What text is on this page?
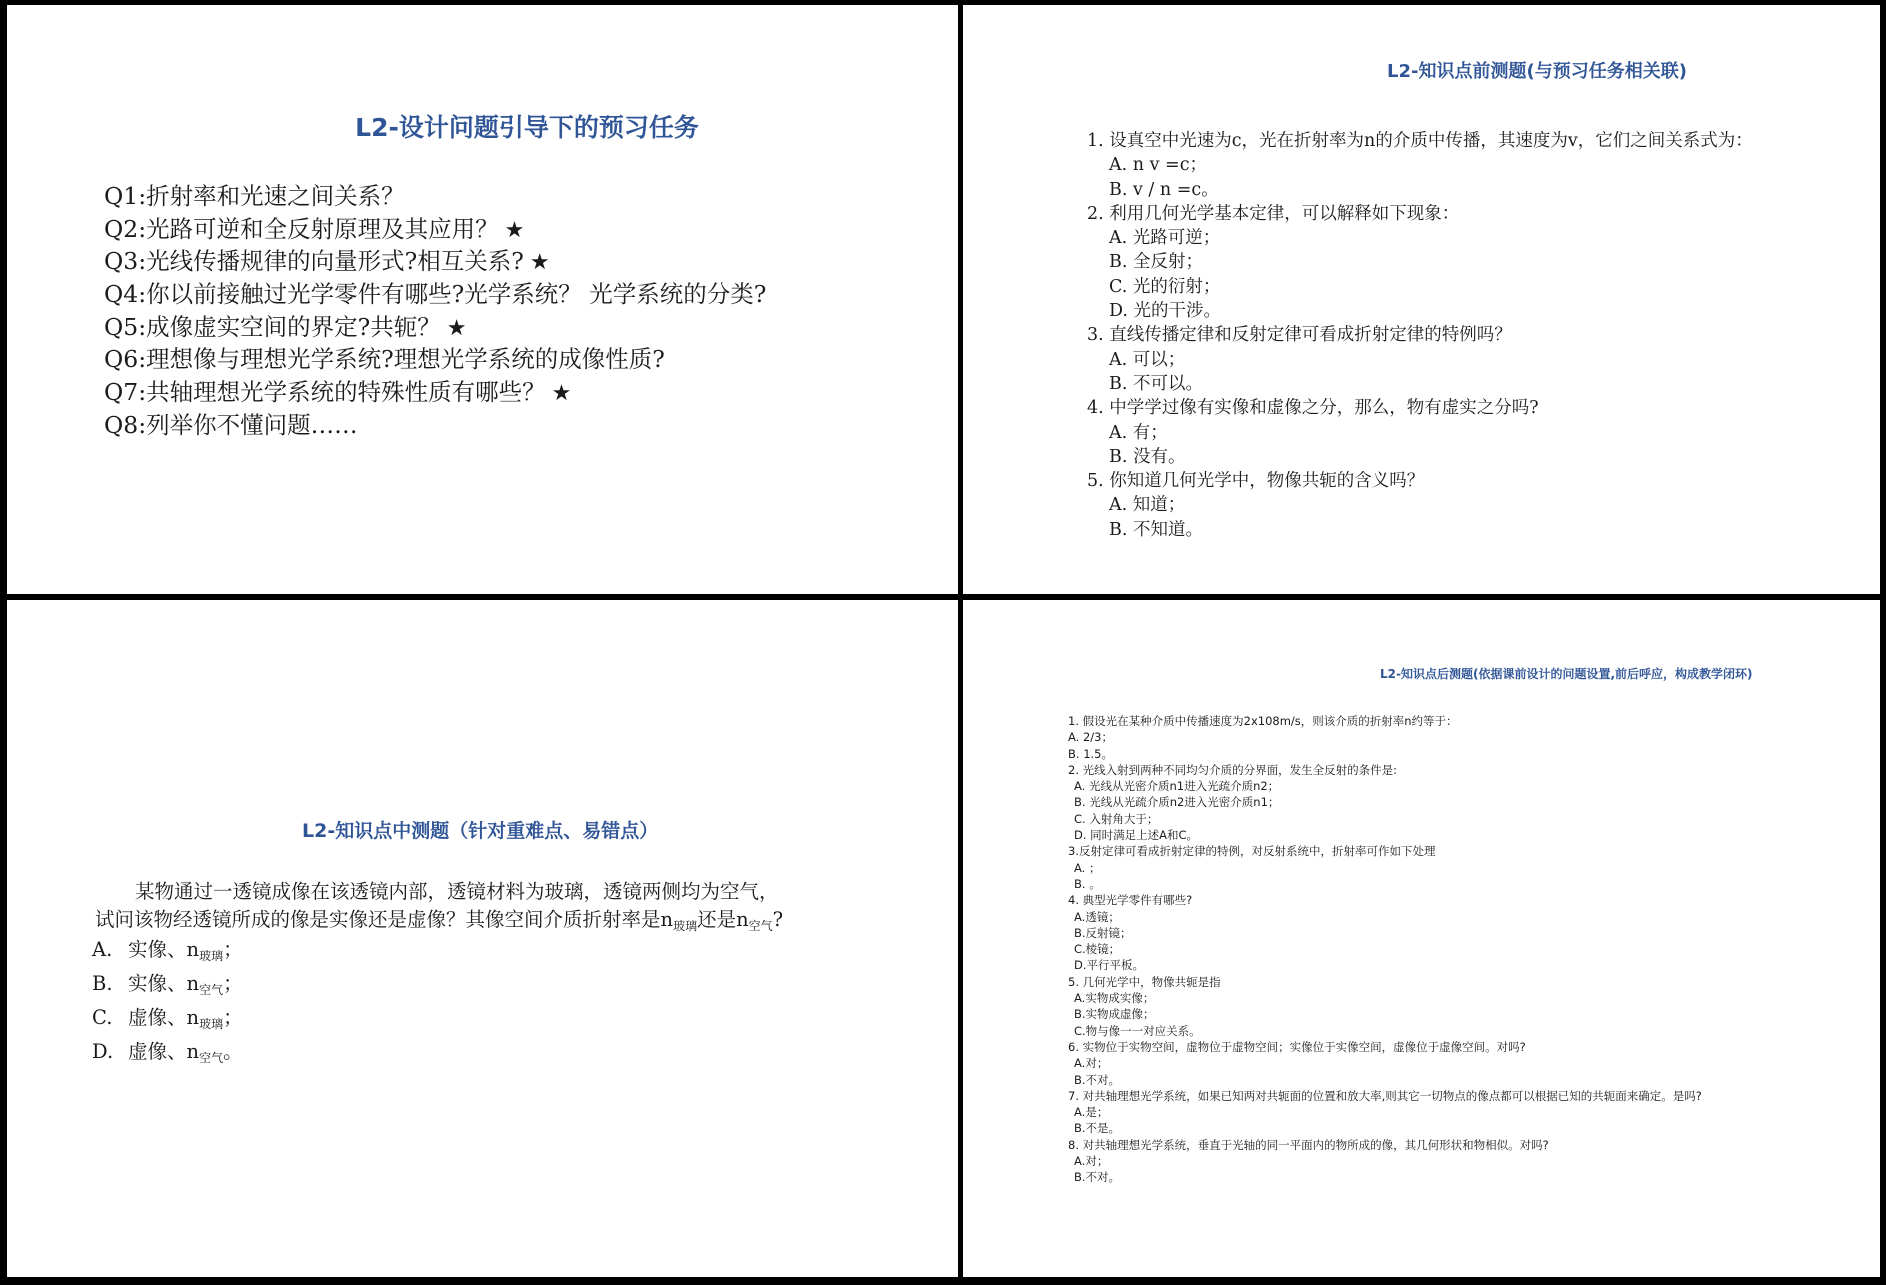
L2-设计问题引导下的预习任务
Q1:折射率和光速之间关系？
Q2:光路可逆和全反射原理及其应用？ ★
Q3:光线传播规律的向量形式?相互关系? ★
Q4:你以前接触过光学零件有哪些?光学系统？ 光学系统的分类?
Q5:成像虚实空间的界定?共轭？ ★
Q6:理想像与理想光学系统?理想光学系统的成像性质?
Q7:共轴理想光学系统的特殊性质有哪些？ ★
Q8:列举你不懂问题……
L2-知识点前测题(与预习任务相关联)
1. 设真空中光速为c，光在折射率为n的介质中传播，其速度为v，它们之间关系式为：
A. n v =c；
B. v / n =c。
2. 利用几何光学基本定律，可以解释如下现象：
A. 光路可逆；
B. 全反射；
C. 光的衍射；
D. 光的干涉。
3. 直线传播定律和反射定律可看成折射定律的特例吗？
A. 可以；
B. 不可以。
4. 中学学过像有实像和虚像之分，那么，物有虚实之分吗?
A. 有；
B. 没有。
5. 你知道几何光学中，物像共轭的含义吗？
A. 知道；
B. 不知道。
L2-知识点中测题（针对重难点、易错点）

某物通过一透镜成像在该透镜内部，透镜材料为玻璃，透镜两侧均为空气，

试问该物经透镜所成的像是实像还是虚像？其像空间介质折射率是$n_{玻璃}$还是$n_{空气}$?

A. 实像、$n_{玻璃}$；
B. 实像、$n_{空气}$；
C. 虚像、$n_{玻璃}$；
D. 虚像、$n_{空气}$。
L2-知识点后测题(依据课前设计的问题设置,前后呼应，构成教学闭环)
1. 假设光在某种介质中传播速度为2x108m/s，则该介质的折射率n约等于：
A. 2/3；
B. 1.5。
2. 光线入射到两种不同均匀介质的分界面，发生全反射的条件是:
A. 光线从光密介质n1进入光疏介质n2；
B. 光线从光疏介质n2进入光密介质n1；
C. 入射角大于；
D. 同时满足上述A和C。
3.反射定律可看成折射定律的特例，对反射系统中，折射率可作如下处理
A. ；
B. 。
4. 典型光学零件有哪些?
A.透镜；
B.反射镜；
C.棱镜；
D.平行平板。
5. 几何光学中，物像共轭是指
A.实物成实像；
B.实物成虚像；
C.物与像一一对应关系。
6. 实物位于实物空间，虚物位于虚物空间；实像位于实像空间，虚像位于虚像空间。对吗?
A.对；
B.不对。
7. 对共轴理想光学系统，如果已知两对共轭面的位置和放大率,则其它一切物点的像点都可以根据已知的共轭面来确定。是吗?
A.是；
B.不是。
8. 对共轴理想光学系统，垂直于光轴的同一平面内的物所成的像，其几何形状和物相似。对吗?
A.对；
B.不对。
